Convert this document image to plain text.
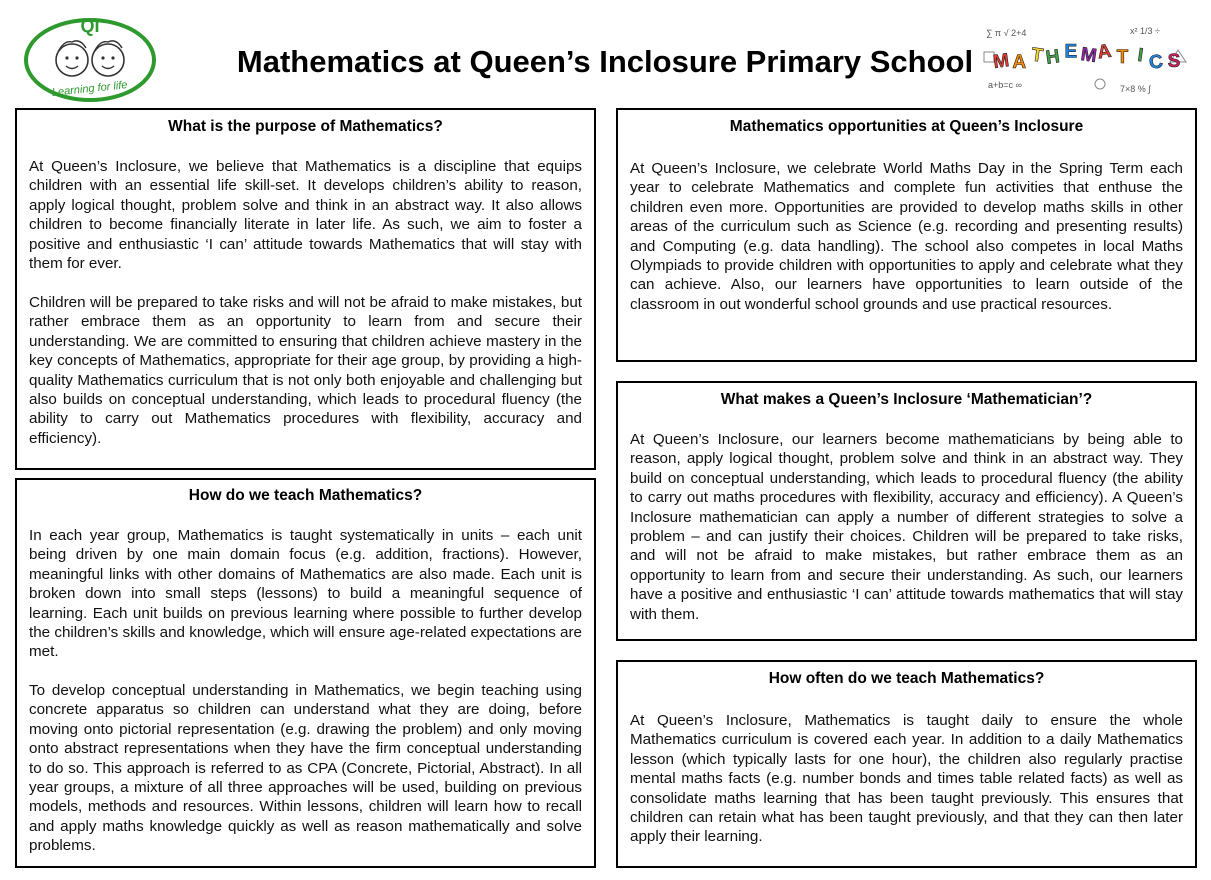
QI
Learning for life
Mathematics at Queen’s Inclosure Primary School
∑ π √ 2+4	x² 1/3 ÷
a+b=c ∞	7×8 % ∫
M A T H E M
A T I C S
What is the purpose of Mathematics?

At Queen’s Inclosure, we believe that Mathematics is a discipline that equips children with an essential life skill-set. It develops children’s ability to reason, apply logical thought, problem solve and think in an abstract way. It also allows children to become financially literate in later life. As such, we aim to foster a positive and enthusiastic ‘I can’ attitude towards Mathematics that will stay with them for ever.

Children will be prepared to take risks and will not be afraid to make mistakes, but rather embrace them as an opportunity to learn from and secure their understanding. We are committed to ensuring that children achieve mastery in the key concepts of Mathematics, appropriate for their age group, by providing a high-quality Mathematics curriculum that is not only both enjoyable and challenging but also builds on conceptual understanding, which leads to procedural fluency (the ability to carry out Mathematics procedures with flexibility, accuracy and efficiency).

How do we teach Mathematics?

In each year group, Mathematics is taught systematically in units – each unit being driven by one main domain focus (e.g. addition, fractions). However, meaningful links with other domains of Mathematics are also made. Each unit is broken down into small steps (lessons) to build a meaningful sequence of learning. Each unit builds on previous learning where possible to further develop the children’s skills and knowledge, which will ensure age-related expectations are met.

To develop conceptual understanding in Mathematics, we begin teaching using concrete apparatus so children can understand what they are doing, before moving onto pictorial representation (e.g. drawing the problem) and only moving onto abstract representations when they have the firm conceptual understanding to do so. This approach is referred to as CPA (Concrete, Pictorial, Abstract). In all year groups, a mixture of all three approaches will be used, building on previous models, methods and resources. Within lessons, children will learn how to recall and apply maths knowledge quickly as well as reason mathematically and solve problems.

Mathematics opportunities at Queen’s Inclosure

At Queen’s Inclosure, we celebrate World Maths Day in the Spring Term each year to celebrate Mathematics and complete fun activities that enthuse the children even more. Opportunities are provided to develop maths skills in other areas of the curriculum such as Science (e.g. recording and presenting results) and Computing (e.g. data handling). The school also competes in local Maths Olympiads to provide children with opportunities to apply and celebrate what they can achieve. Also, our learners have opportunities to learn outside of the classroom in out wonderful school grounds and use practical resources.

What makes a Queen’s Inclosure ‘Mathematician’?

At Queen’s Inclosure, our learners become mathematicians by being able to reason, apply logical thought, problem solve and think in an abstract way. They build on conceptual understanding, which leads to procedural fluency (the ability to carry out maths procedures with flexibility, accuracy and efficiency). A Queen’s Inclosure mathematician can apply a number of different strategies to solve a problem – and can justify their choices. Children will be prepared to take risks, and will not be afraid to make mistakes, but rather embrace them as an opportunity to learn from and secure their understanding. As such, our learners have a positive and enthusiastic ‘I can’ attitude towards mathematics that will stay with them.

How often do we teach Mathematics?

At Queen’s Inclosure, Mathematics is taught daily to ensure the whole Mathematics curriculum is covered each year. In addition to a daily Mathematics lesson (which typically lasts for one hour), the children also regularly practise mental maths facts (e.g. number bonds and times table related facts) as well as consolidate maths learning that has been taught previously. This ensures that children can retain what has been taught previously, and that they can then later apply their learning.
